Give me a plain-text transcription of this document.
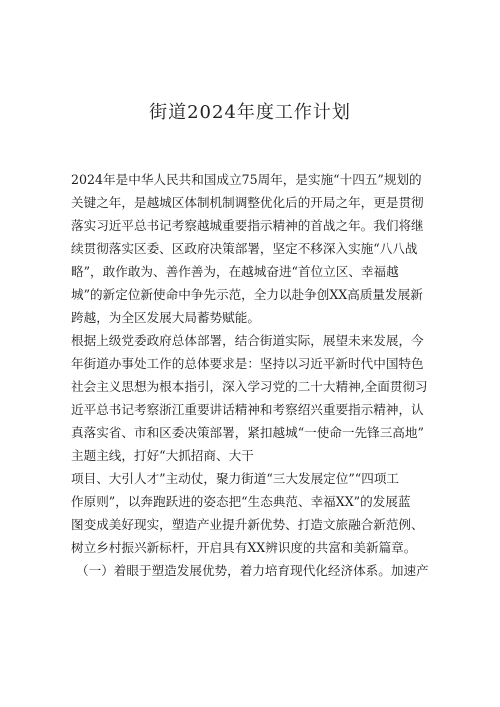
街道2024年度工作计划

2024年是中华人民共和国成立75周年，是实施“十四五”规划的

关键之年，是越城区体制机制调整优化后的开局之年，更是贯彻

落实习近平总书记考察越城重要指示精神的首战之年。我们将继

续贯彻落实区委、区政府决策部署，坚定不移深入实施“八八战

略”，敢作敢为、善作善为，在越城奋进“首位立区、幸福越

城”的新定位新使命中争先示范，全力以赴争创XX高质量发展新

跨越，为全区发展大局蓄势赋能。

根据上级党委政府总体部署，结合街道实际，展望未来发展，今

年街道办事处工作的总体要求是：坚持以习近平新时代中国特色

社会主义思想为根本指引，深入学习党的二十大精神,全面贯彻习

近平总书记考察浙江重要讲话精神和考察绍兴重要指示精神，认

真落实省、市和区委决策部署，紧扣越城“一使命一先锋三高地”

主题主线，打好“大抓招商、大干

项目、大引人才”主动仗，聚力街道“三大发展定位”“四项工

作原则”，以奔跑跃进的姿态把“生态典范、幸福XX”的发展蓝

图变成美好现实，塑造产业提升新优势、打造文旅融合新范例、

树立乡村振兴新标杆，开启具有XX辨识度的共富和美新篇章。

（一）着眼于塑造发展优势，着力培育现代化经济体系。加速产
